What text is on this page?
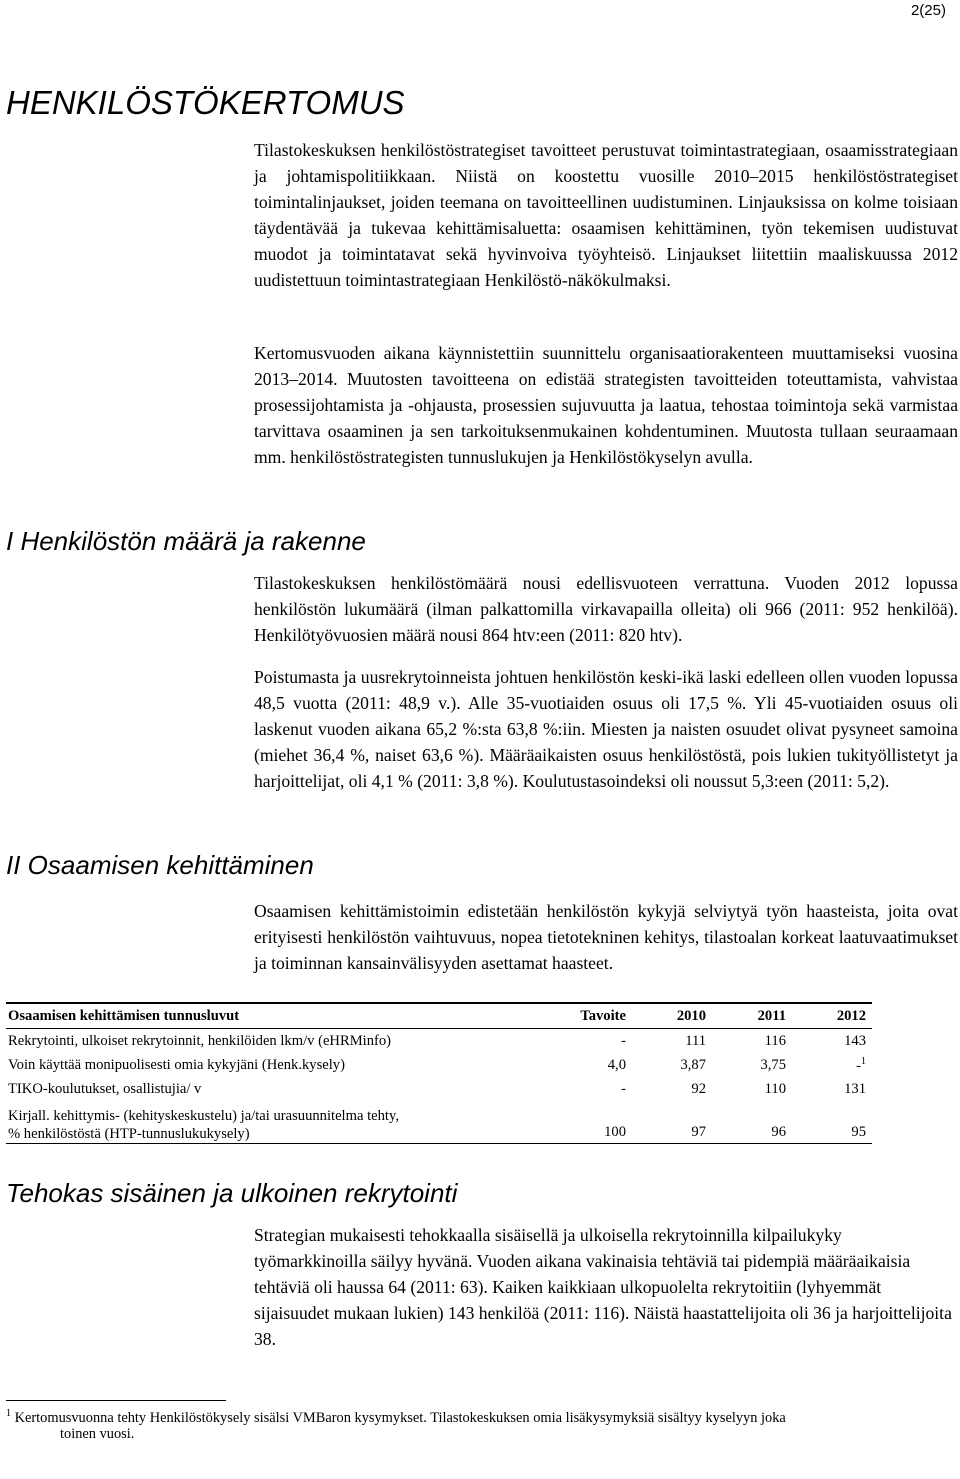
2(25)
HENKILÖSTÖKERTOMUS

Tilastokeskuksen henkilöstöstrategiset tavoitteet perustuvat toimintastrategiaan, osaamisstrategiaan ja johtamispolitiikkaan. Niistä on koostettu vuosille 2010–2015 henkilöstöstrategiset toimintalinjaukset, joiden teemana on tavoitteellinen uudistuminen. Linjauksissa on kolme toisiaan täydentävää ja tukevaa kehittämisaluetta: osaamisen kehittäminen, työn tekemisen uudistuvat muodot ja toimintatavat sekä hyvinvoiva työyhteisö. Linjaukset liitettiin maaliskuussa 2012 uudistettuun toimintastrategiaan Henkilöstö-näkökulmaksi.

Kertomusvuoden aikana käynnistettiin suunnittelu organisaatiorakenteen muuttamiseksi vuosina 2013–2014. Muutosten tavoitteena on edistää strategisten tavoitteiden toteuttamista, vahvistaa prosessijohtamista ja -ohjausta, prosessien sujuvuutta ja laatua, tehostaa toimintoja sekä varmistaa tarvittava osaaminen ja sen tarkoituksenmukainen kohdentuminen. Muutosta tullaan seuraamaan mm. henkilöstöstrategisten tunnuslukujen ja Henkilöstökyselyn avulla.

I Henkilöstön määrä ja rakenne

Tilastokeskuksen henkilöstömäärä nousi edellisvuoteen verrattuna. Vuoden 2012 lopussa henkilöstön lukumäärä (ilman palkattomilla virkavapailla olleita) oli 966 (2011: 952 henkilöä). Henkilötyövuosien määrä nousi 864 htv:een (2011: 820 htv).

Poistumasta ja uusrekrytoinneista johtuen henkilöstön keski-ikä laski edelleen ollen vuoden lopussa 48,5 vuotta (2011: 48,9 v.). Alle 35-vuotiaiden osuus oli 17,5 %. Yli 45-vuotiaiden osuus oli laskenut vuoden aikana 65,2 %:sta 63,8 %:iin. Miesten ja naisten osuudet olivat pysyneet samoina (miehet 36,4 %, naiset 63,6 %). Määräaikaisten osuus henkilöstöstä, pois lukien tukityöllistetyt ja harjoittelijat, oli 4,1 % (2011: 3,8 %). Koulutustasoindeksi oli noussut 5,3:een (2011: 5,2).

II Osaamisen kehittäminen

Osaamisen kehittämistoimin edistetään henkilöstön kykyjä selviytyä työn haasteista, joita ovat erityisesti henkilöstön vaihtuvuus, nopea tietotekninen kehitys, tilastoalan korkeat laatuvaatimukset ja toiminnan kansainvälisyyden asettamat haasteet.

Osaamisen kehittämisen tunnusluvut	Tavoite	2010	2011	2012
Rekrytointi, ulkoiset rekrytoinnit, henkilöiden lkm/v (eHRMinfo)	-	111	116	143
Voin käyttää monipuolisesti omia kykyjäni (Henk.kysely)	4,0	3,87	3,75	-$^1$
TIKO-koulutukset, osallistujia/ v	-	92	110	131
Kirjall. kehittymis- (kehityskeskustelu) ja/tai urasuunnitelma tehty,
% henkilöstöstä (HTP-tunnuslukukysely)	100	97	96	95
Tehokas sisäinen ja ulkoinen rekrytointi

Strategian mukaisesti tehokkaalla sisäisellä ja ulkoisella rekrytoinnilla kilpailukyky työmarkkinoilla säilyy hyvänä. Vuoden aikana vakinaisia tehtäviä tai pidempiä määräaikaisia tehtäviä oli haussa 64 (2011: 63). Kaiken kaikkiaan ulkopuolelta rekrytoitiin (lyhyemmät sijaisuudet mukaan lukien) 143 henkilöä (2011: 116). Näistä haastattelijoita oli 36 ja harjoittelijoita 38.

$^1$ Kertomusvuonna tehty Henkilöstökysely sisälsi VMBaron kysymykset. Tilastokeskuksen omia lisäkysymyksiä sisältyy kyselyyn joka
toinen vuosi.
